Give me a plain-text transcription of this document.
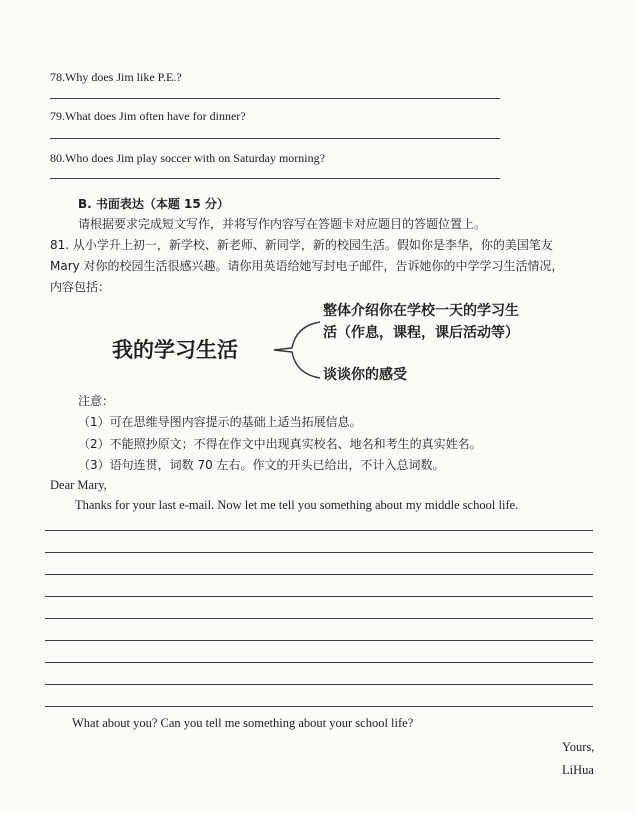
78.Why does Jim like P.E.?
79.What does Jim often have for dinner?
80.Who does Jim play soccer with on Saturday morning?
B. 书面表达（本题 15 分）
请根据要求完成短文写作，并将写作内容写在答题卡对应题目的答题位置上。
81. 从小学升上初一，新学校、新老师、新同学，新的校园生活。假如你是李华，你的美国笔友
Mary 对你的校园生活很感兴趣。请你用英语给她写封电子邮件，告诉她你的中学学习生活情况，
内容包括：
我的学习生活
整体介绍你在学校一天的学习生
活（作息，课程，课后活动等）
谈谈你的感受
注意：
（1）可在思维导图内容提示的基础上适当拓展信息。
（2）不能照抄原文；不得在作文中出现真实校名、地名和考生的真实姓名。
（3）语句连贯，词数 70 左右。作文的开头已给出，不计入总词数。
Dear Mary,
Thanks for your last e-mail. Now let me tell you something about my middle school life.
What about you? Can you tell me something about your school life?
Yours,
LiHua
